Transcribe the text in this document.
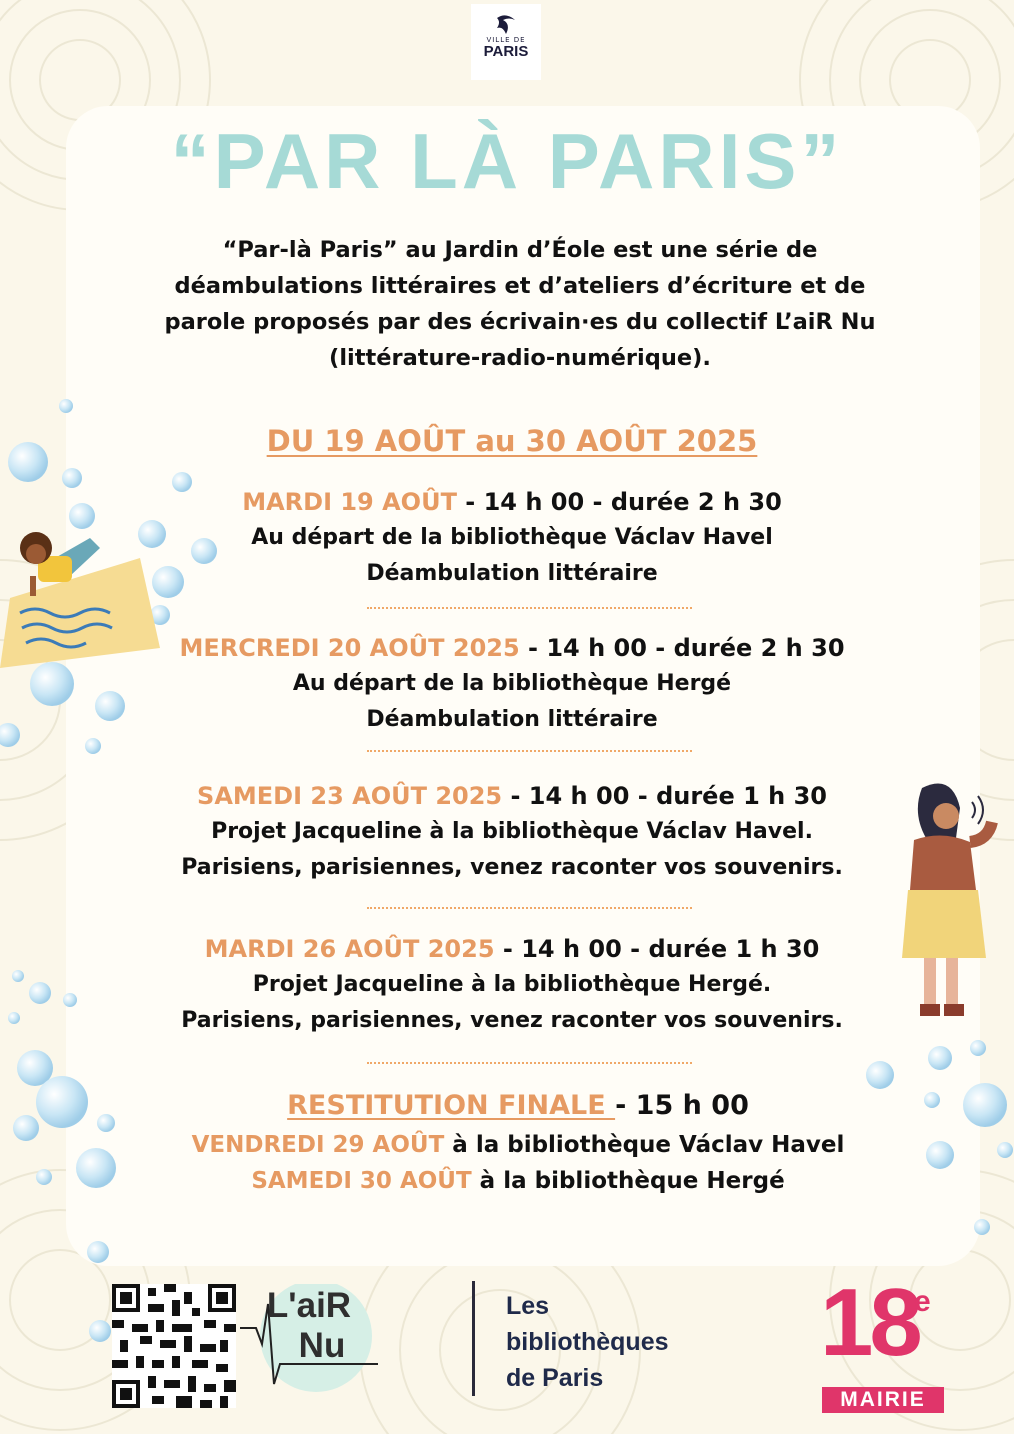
VILLE DE
PARIS
“PAR LÀ PARIS”
“Par-là Paris” au Jardin d’Éole est une série de
déambulations littéraires et d’ateliers d’écriture et de
parole proposés par des écrivain·es du collectif L’aiR Nu
(littérature-radio-numérique).
DU 19 AOÛT au 30 AOÛT 2025
MARDI 19 AOÛT - 14 h 00 - durée 2 h 30
Au départ de la bibliothèque Václav Havel
Déambulation littéraire
MERCREDI 20 AOÛT 2025 - 14 h 00 - durée 2 h 30
Au départ de la bibliothèque Hergé
Déambulation littéraire
SAMEDI 23 AOÛT 2025 - 14 h 00 - durée 1 h 30
Projet Jacqueline à la bibliothèque Václav Havel.
Parisiens, parisiennes, venez raconter vos souvenirs.
MARDI 26 AOÛT 2025 - 14 h 00 - durée 1 h 30
Projet Jacqueline à la bibliothèque Hergé.
Parisiens, parisiennes, venez raconter vos souvenirs.
RESTITUTION FINALE - 15 h 00
VENDREDI 29 AOÛT à la bibliothèque Václav Havel
SAMEDI 30 AOÛT à la bibliothèque Hergé
L'aiR
Nu
Les
bibliothèques
de Paris
18
e
MAIRIE
